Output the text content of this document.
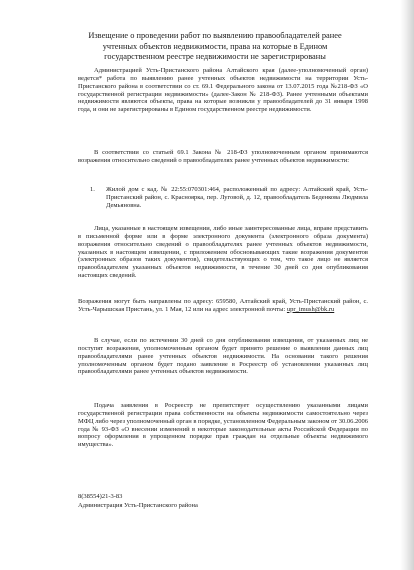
Извещение о проведении работ по выявлению правообладателей ранее учтенных объектов недвижимости, права на которые в Едином государственном реестре недвижимости не зарегистрированы
Администрацией Усть-Пристанского района Алтайского края (далее-уполномоченный орган) ведется* работа по выявлению ранее учтенных объектов недвижимости на территории Усть-Пристанского района в соответствии со ст. 69.1 Федерального закона от 13.07.2015 года №218-ФЗ «О государственной регистрации недвижимости» (далее-Закон № 218-ФЗ). Ранее учтенными объектами недвижимости являются объекты, права на которые возникли у правообладателей до 31 января 1998 года, и они не зарегистрированы в Едином государственном реестре недвижимости.
В соответствии со статьей 69.1 Закона № 218-ФЗ уполномоченным органом принимаются возражения относительно сведений о правообладателях ранее учтенных объектов недвижимости:
1. Жилой дом с кад. № 22:55:070301:464, расположенный по адресу: Алтайский край, Усть-Пристанский район, с. Красноярка, пер. Луговой, д. 12, правообладатель Беденкова Людмила Демьяновна.
Лица, указанные в настоящем извещении, либо иные заинтересованные лица, вправе представить в письменной форме или в форме электронного документа (электронного образа документа) возражения относительно сведений о правообладателях ранее учтенных объектов недвижимости, указанных в настоящем извещении, с приложением обосновывающих такие возражения документов (электронных образов таких документов), свидетельствующих о том, что такое лицо не является правообладателем указанных объектов недвижимости, в течение 30 дней со дня опубликования настоящих сведений.
Возражения могут быть направлены по адресу: 659580, Алтайский край, Усть-Пристанский район, с. Усть-Чарышская Пристань, ул. 1 Мая, 12 или на адрес электронной почты: upr_imush@bk.ru
В случае, если по истечении 30 дней со дня опубликования извещения, от указанных лиц не поступят возражения, уполномоченным органом будет принято решение о выявлении данных лиц правообладателями ранее учтенных объектов недвижимости. На основании такого решения уполномоченным органом будет подано заявление в Росреестр об установлении указанных лиц правообладателями ранее учтенных объектов недвижимости.
Подача заявления в Росреестр не препятствует осуществлению указанными лицами государственной регистрации права собственности на объекты недвижимости самостоятельно через МФЦ либо через уполномоченный орган в порядке, установленном Федеральным законом от 30.06.2006 года № 93-ФЗ «О внесении изменений в некоторые законодательные акты Российской Федерации по вопросу оформления в упрощенном порядке прав граждан на отдельные объекты недвижимого имущества».
8(38554)21-3-83
Администрация Усть-Пристанского района
